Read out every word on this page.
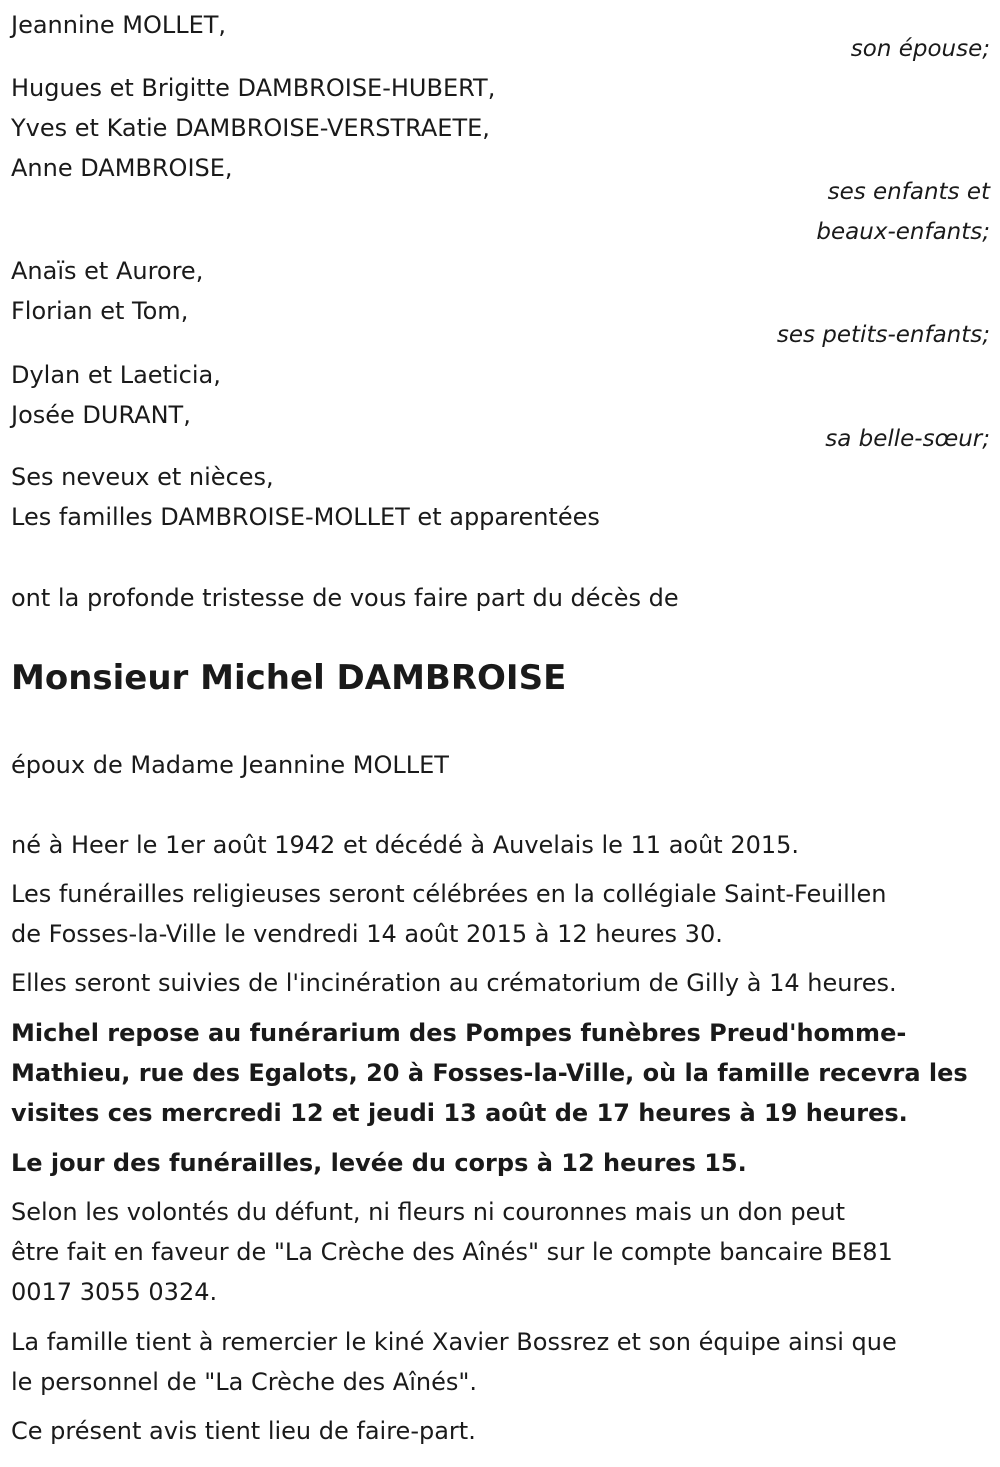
Jeannine MOLLET,
son épouse;
Hugues et Brigitte DAMBROISE-HUBERT,
Yves et Katie DAMBROISE-VERSTRAETE,
Anne DAMBROISE,
ses enfants et
beaux-enfants;
Anaïs et Aurore,
Florian et Tom,
ses petits-enfants;
Dylan et Laeticia,
Josée DURANT,
sa belle-sœur;
Ses neveux et nièces,
Les familles DAMBROISE-MOLLET et apparentées
ont la profonde tristesse de vous faire part du décès de
Monsieur Michel DAMBROISE
époux de Madame Jeannine MOLLET
né à Heer le 1er août 1942 et décédé à Auvelais le 11 août 2015.
Les funérailles religieuses seront célébrées en la collégiale Saint-Feuillen
de Fosses-la-Ville le vendredi 14 août 2015 à 12 heures 30.
Elles seront suivies de l'incinération au crématorium de Gilly à 14 heures.
Michel repose au funérarium des Pompes funèbres Preud'homme-
Mathieu, rue des Egalots, 20 à Fosses-la-Ville, où la famille recevra les
visites ces mercredi 12 et jeudi 13 août de 17 heures à 19 heures.
Le jour des funérailles, levée du corps à 12 heures 15.
Selon les volontés du défunt, ni fleurs ni couronnes mais un don peut
être fait en faveur de "La Crèche des Aînés" sur le compte bancaire BE81
0017 3055 0324.
La famille tient à remercier le kiné Xavier Bossrez et son équipe ainsi que
le personnel de "La Crèche des Aînés".
Ce présent avis tient lieu de faire-part.
